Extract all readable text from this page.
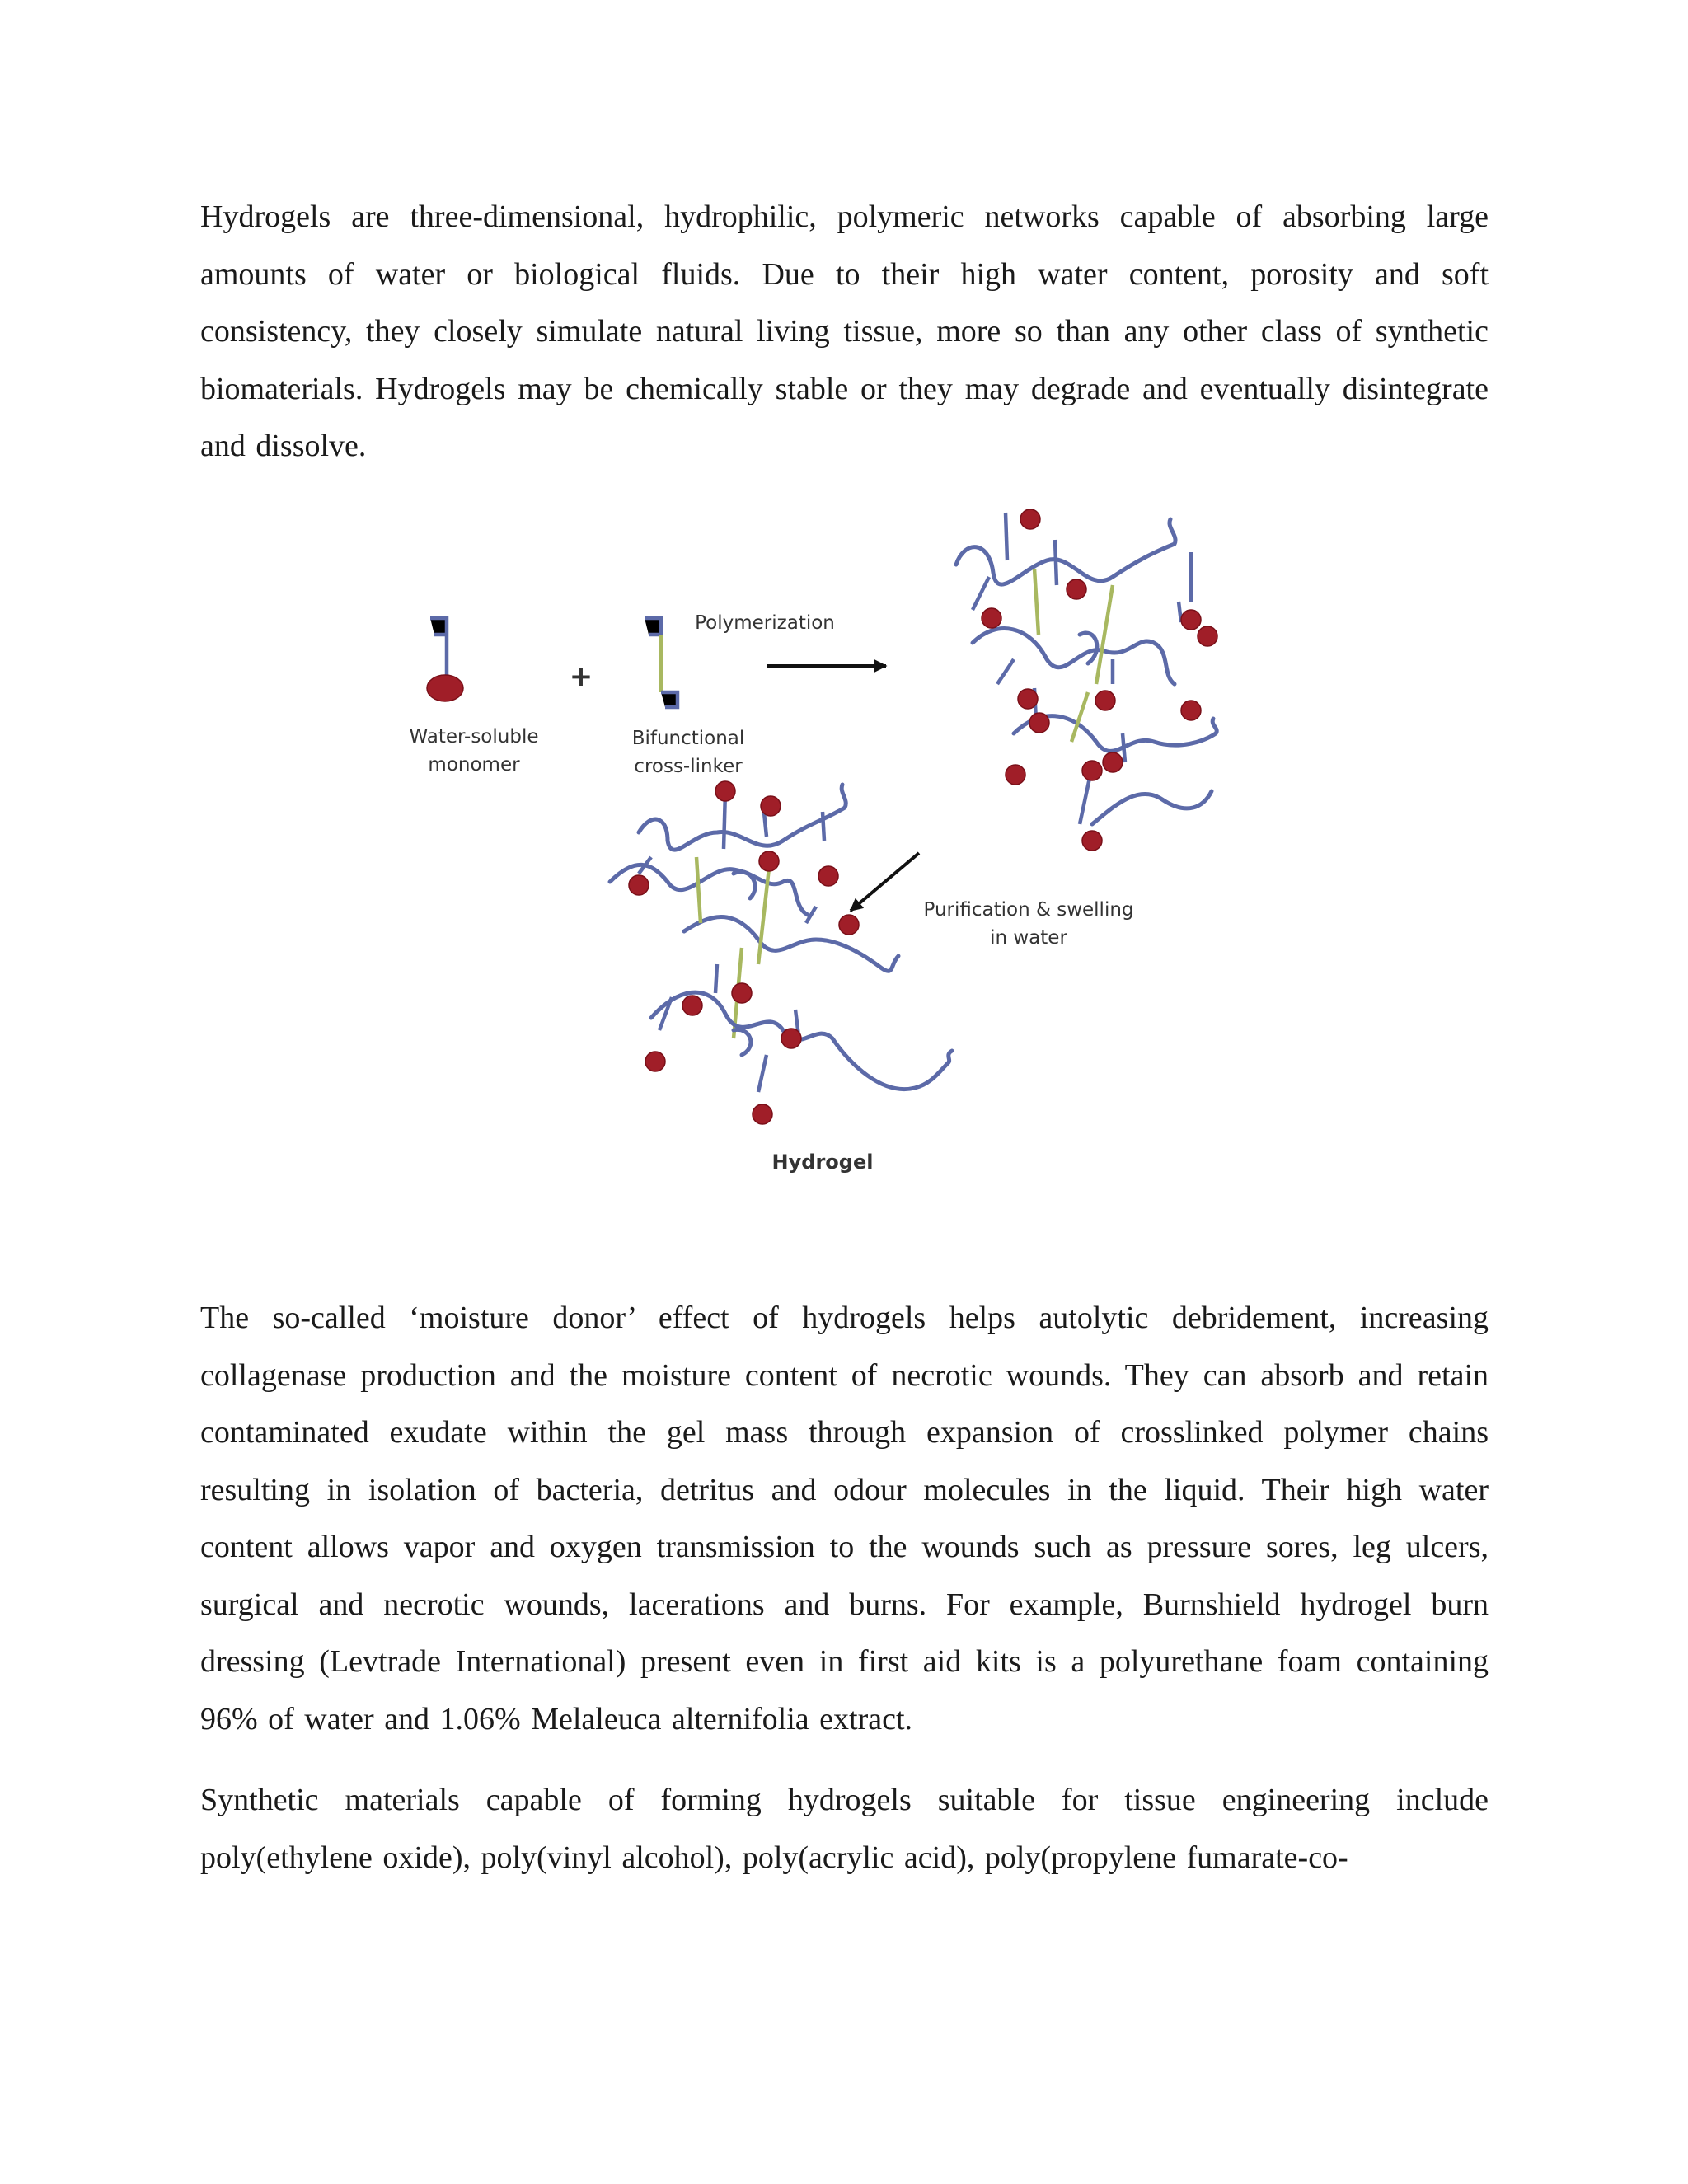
Hydrogels are three-dimensional, hydrophilic, polymeric networks capable of absorbing large amounts of water or biological fluids. Due to their high water content, porosity and soft consistency, they closely simulate natural living tissue, more so than any other class of synthetic biomaterials. Hydrogels may be chemically stable or they may degrade and eventually disintegrate and dissolve.

Water-soluble
monomer
+
Bifunctional
cross-linker
Polymerization
Purification & swelling
in water
Hydrogel

The so-called ‘moisture donor’ effect of hydrogels helps autolytic debridement, increasing collagenase production and the moisture content of necrotic wounds. They can absorb and retain contaminated exudate within the gel mass through expansion of crosslinked polymer chains resulting in isolation of bacteria, detritus and odour molecules in the liquid. Their high water content allows vapor and oxygen transmission to the wounds such as pressure sores, leg ulcers, surgical and necrotic wounds, lacerations and burns. For example, Burnshield hydrogel burn dressing (Levtrade International) present even in first aid kits is a polyurethane foam containing 96% of water and 1.06% Melaleuca alternifolia extract.

Synthetic materials capable of forming hydrogels suitable for tissue engineering include poly(ethylene oxide), poly(vinyl alcohol), poly(acrylic acid), poly(propylene fumarate-co-
